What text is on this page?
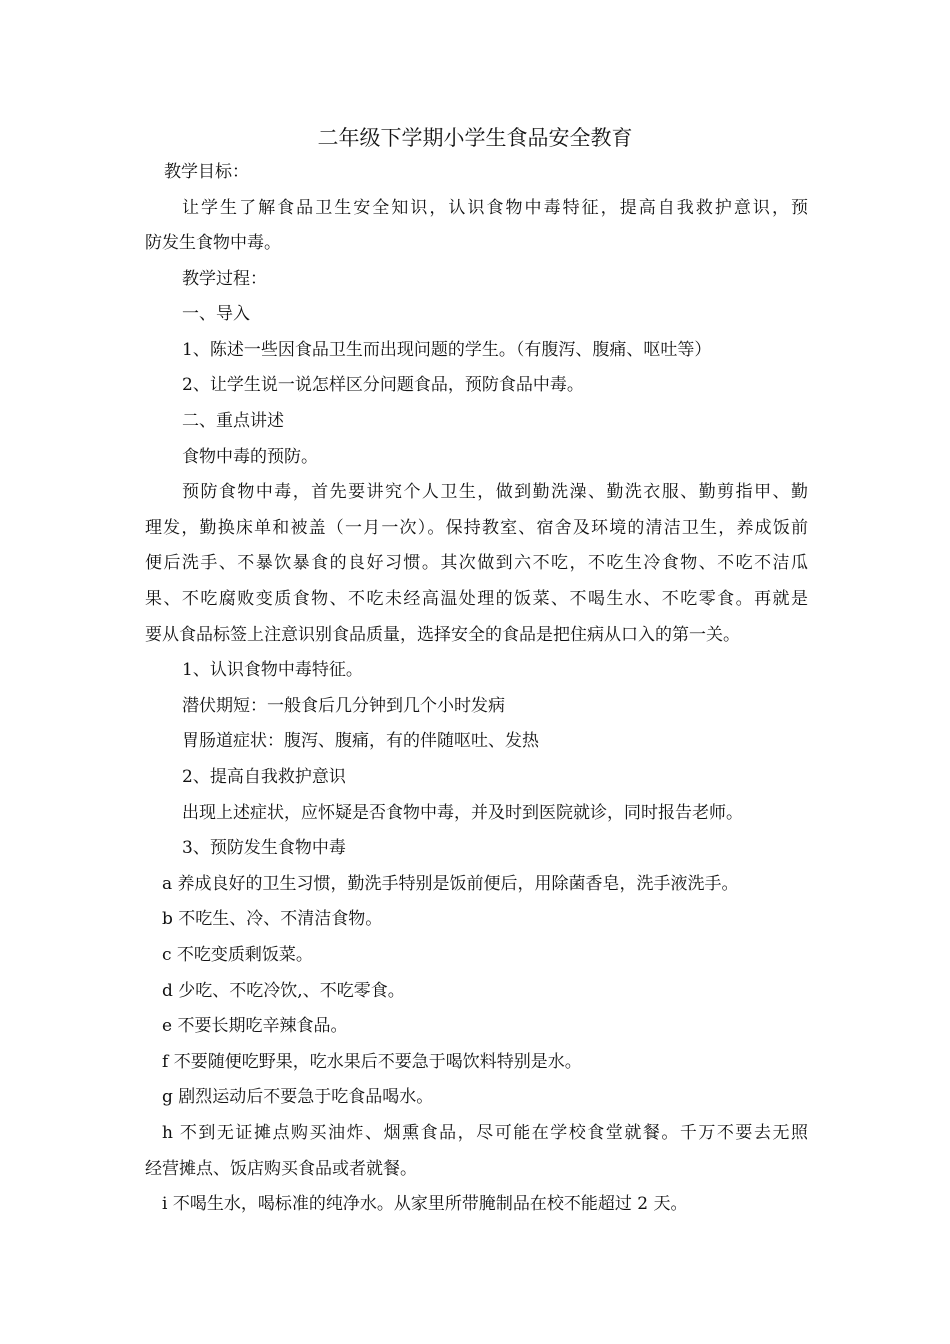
二年级下学期小学生食品安全教育
教学目标：
让学生了解食品卫生安全知识，认识食物中毒特征，提高自我救护意识，预
防发生食物中毒。
教学过程：
一、导入
1、陈述一些因食品卫生而出现问题的学生。（有腹泻、腹痛、呕吐等）
2、让学生说一说怎样区分问题食品，预防食品中毒。
二、重点讲述
食物中毒的预防。
预防食物中毒，首先要讲究个人卫生，做到勤洗澡、勤洗衣服、勤剪指甲、勤
理发，勤换床单和被盖（一月一次）。保持教室、宿舍及环境的清洁卫生，养成饭前
便后洗手、不暴饮暴食的良好习惯。其次做到六不吃，不吃生冷食物、不吃不洁瓜
果、不吃腐败变质食物、不吃未经高温处理的饭菜、不喝生水、不吃零食。再就是
要从食品标签上注意识别食品质量，选择安全的食品是把住病从口入的第一关。
1、认识食物中毒特征。
潜伏期短：一般食后几分钟到几个小时发病
胃肠道症状：腹泻、腹痛，有的伴随呕吐、发热
2、提高自我救护意识
出现上述症状，应怀疑是否食物中毒，并及时到医院就诊，同时报告老师。
3、预防发生食物中毒
a 养成良好的卫生习惯，勤洗手特别是饭前便后，用除菌香皂，洗手液洗手。
b 不吃生、冷、不清洁食物。
c 不吃变质剩饭菜。
d 少吃、不吃冷饮,、不吃零食。
e 不要长期吃辛辣食品。
f 不要随便吃野果，吃水果后不要急于喝饮料特别是水。
g 剧烈运动后不要急于吃食品喝水。
h 不到无证摊点购买油炸、烟熏食品，尽可能在学校食堂就餐。千万不要去无照
经营摊点、饭店购买食品或者就餐。
i 不喝生水，喝标准的纯净水。从家里所带腌制品在校不能超过 2 天。
